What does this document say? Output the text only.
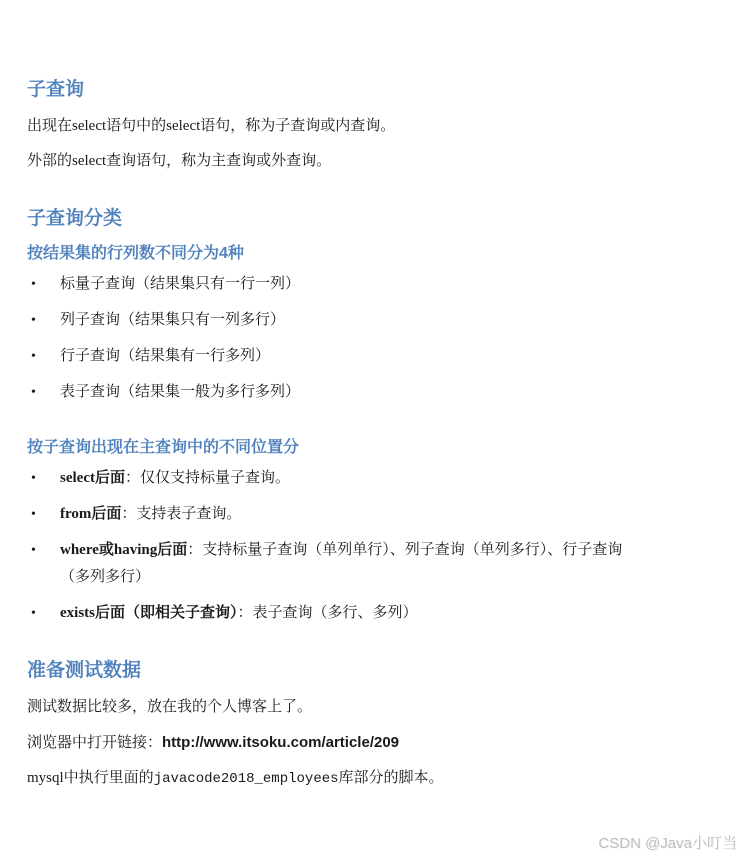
子查询

出现在select语句中的select语句，称为子查询或内查询。

外部的select查询语句，称为主查询或外查询。

子查询分类
按结果集的行列数不同分为4种
•	标量子查询（结果集只有一行一列）
•	列子查询（结果集只有一列多行）
•	行子查询（结果集有一行多列）
•	表子查询（结果集一般为多行多列）
按子查询出现在主查询中的不同位置分
•	select后面：仅仅支持标量子查询。
•	from后面：支持表子查询。
•	where或having后面：支持标量子查询（单列单行）、列子查询（单列多行）、行子查询（多列多行）
•	exists后面（即相关子查询）：表子查询（多行、多列）
准备测试数据

测试数据比较多，放在我的个人博客上了。

浏览器中打开链接：http://www.itsoku.com/article/209

mysql中执行里面的javacode2018_employees库部分的脚本。

CSDN @Java小叮当
